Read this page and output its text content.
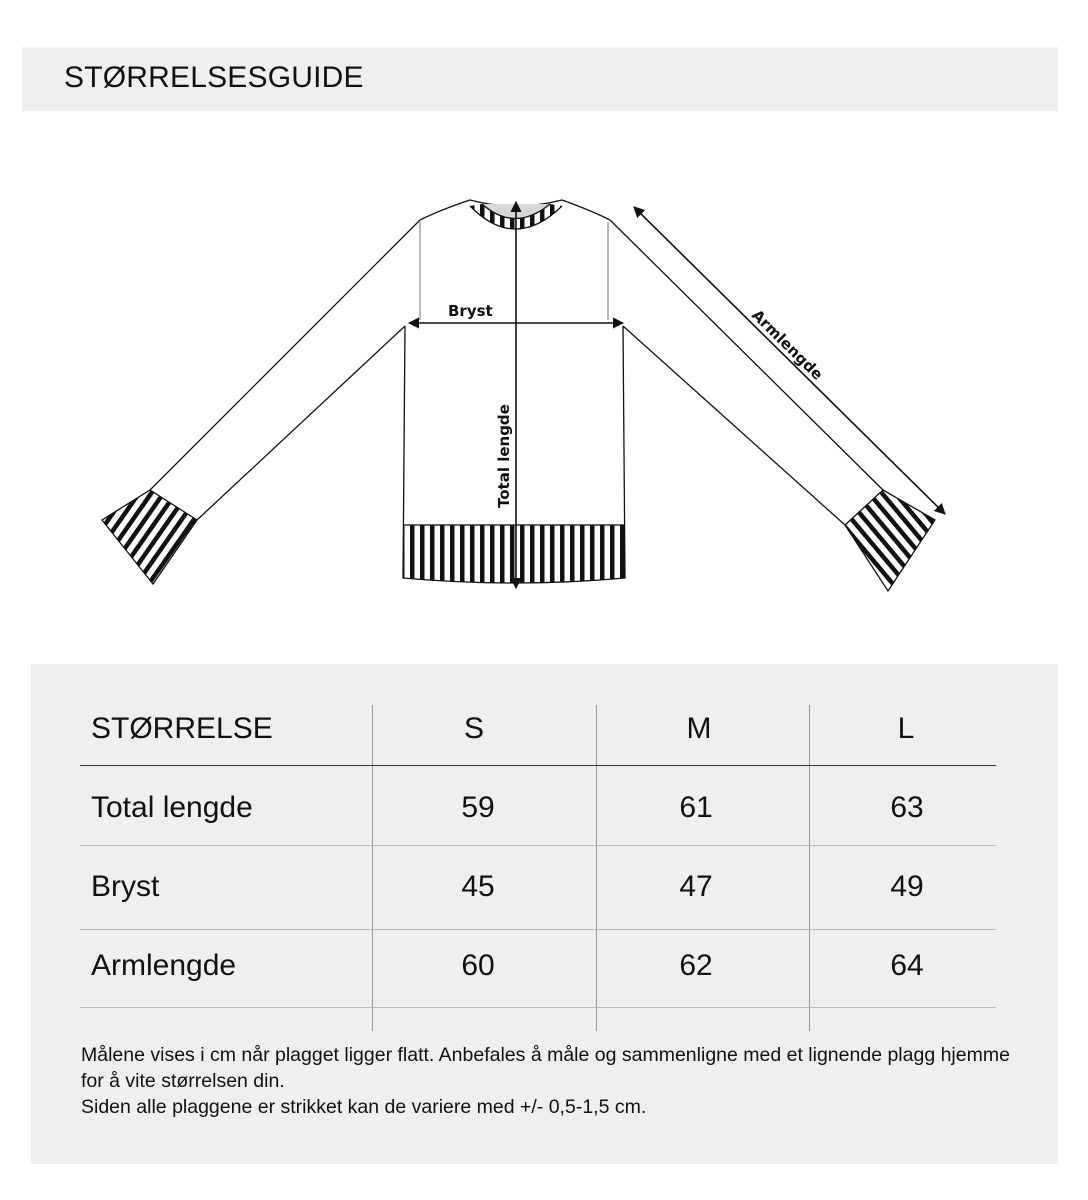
STØRRELSESGUIDE
Bryst
Total lengde
Armlengde
STØRRELSE	S	M	L
Total lengde	59	61	63
Bryst	45	47	49
Armlengde	60	62	64
Målene vises i cm når plagget ligger flatt. Anbefales å måle og sammenligne med et lignende plagg hjemme for å vite størrelsen din.
Siden alle plaggene er strikket kan de variere med +/- 0,5-1,5 cm.
